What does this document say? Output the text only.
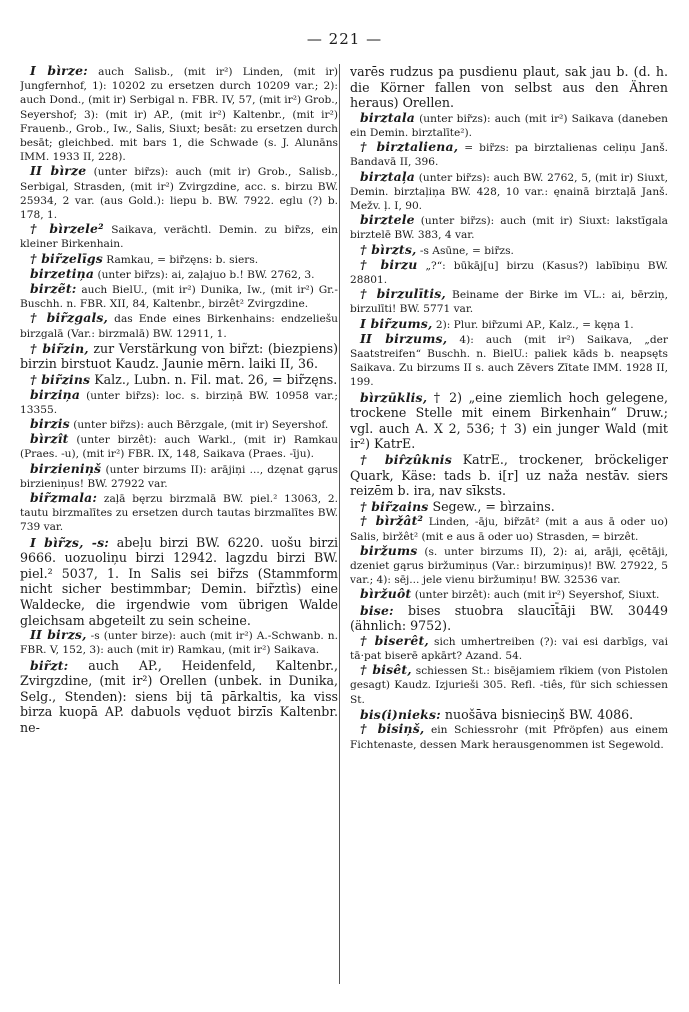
— 221 —

I bìrze: auch Salisb., (mit ir²) Linden, (mit ir) Jungfernhof, 1): 10202 zu ersetzen durch 10209 var.; 2): auch Dond., (mit ir) Serbigal n. FBR. IV, 57, (mit ir²) Grob., Seyershof; 3): (mit ir) AP., (mit ir²) Kaltenbr., (mit ir²) Frauenb., Grob., Iw., Salis, Siuxt; besāt: zu ersetzen durch besāt; gleichbed. mit bars 1, die Schwade (s. J. Alunāns IMM. 1933 II, 228).

II bìrze (unter bir̃zs): auch (mit ir) Grob., Salisb., Serbigal, Strasden, (mit ir²) Zvirgzdine, acc. s. birzu BW. 25934, 2 var. (aus Gold.): liepu b. BW. 7922. eglu (?) b. 178, 1.

† bìrzele² Saikava, verächtl. Demin. zu bir̃zs, ein kleiner Birkenhain.

† bir̃zelīgs Ramkau, = bir̃zęns: b. siers.

birzetiņa (unter bir̃zs): ai, zaļajuo b.! BW. 2762, 3.

birzẽt: auch BielU., (mit ir²) Dunika, Iw., (mit ir²) Gr.-Buschh. n. FBR. XII, 84, Kaltenbr., birzêt² Zvirgzdine.

† bir̃zgals, das Ende eines Birkenhains: endzeliešu birzgalā (Var.: birzmalā) BW. 12911, 1.

† bir̃zin, zur Verstärkung von bir̃zt: (biezpiens) birzin birstuot Kaudz. Jaunie mērn. laiki II, 36.

† bir̃zins Kalz., Lubn. n. Fil. mat. 26, = bir̃zęns.

birziņa (unter bir̃zs): loc. s. birziņā BW. 10958 var.; 13355.

birzis (unter bir̃zs): auch Bērzgale, (mit ir) Seyershof.

bìrzît (unter birzêt): auch Warkl., (mit ir) Ramkau (Praes. -u), (mit ir²) FBR. IX, 148, Saikava (Praes. -īju).

birzieniņš (unter birzums II): arājiņi ..., dzęnat gąrus birzieniņus! BW. 27922 var.

bir̃zmala: zaļā bęrzu birzmalā BW. piel.² 13063, 2. tautu birzmalītes zu ersetzen durch tautas birzmalītes BW. 739 var.

I bìr̃zs, -s: abeļu birzi BW. 6220. uošu birzi 9666. uozuoliņu birzi 12942. lagzdu birzi BW. piel.² 5037, 1. In Salis sei bir̃zs (Stammform nicht sicher bestimmbar; Demin. bir̃ztìs) eine Waldecke, die irgendwie vom übrigen Walde gleichsam abgeteilt zu sein scheine.

II birzs, -s (unter birze): auch (mit ir²) A.-Schwanb. n. FBR. V, 152, 3): auch (mit ir) Ramkau, (mit ir²) Saikava.

bir̃zt: auch AP., Heidenfeld, Kaltenbr., Zvirgzdine, (mit ir²) Orellen (unbek. in Dunika, Selg., Stenden): siens bij tā pārkaltis, ka viss birza kuopā AP. dabuols vęduot birzīs Kaltenbr. ne-

varēs rudzus pa pusdienu plaut, sak jau b. (d. h. die Körner fallen von selbst aus den Ähren heraus) Orellen.

birztala (unter bir̃zs): auch (mit ir²) Saikava (daneben ein Demin. birztalīte²).

† birztaliena, = bir̃zs: pa birztalienas celiņu Janš. Bandavā II, 396.

birztaļa (unter bir̃zs): auch BW. 2762, 5, (mit ir) Siuxt, Demin. birztaļiņa BW. 428, 10 var.: ęnainā birztaļā Janš. Mežv. ļ. I, 90.

birztele (unter bir̃zs): auch (mit ir) Siuxt: lakstīgala birztelē BW. 383, 4 var.

† bìrzts, -s Asūne, = bir̃zs.

† birzu „?“: būkāj[u] birzu (Kasus?) labībiņu BW. 28801.

† birzulītis, Beiname der Birke im VL.: ai, bērziņ, birzulīti! BW. 5771 var.

I bir̃zums, 2): Plur. bir̃zumi AP., Kalz., = kęņa 1.

II birzums, 4): auch (mit ir²) Saikava, „der Saatstreifen“ Buschh. n. BielU.: paliek kāds b. neapsęts Saikava. Zu birzums II s. auch Zēvers Zītate IMM. 1928 II, 199.

bìrzūklis, † 2) „eine ziemlich hoch gelegene, trockene Stelle mit einem Birkenhain“ Druw.; vgl. auch A. X 2, 536; † 3) ein junger Wald (mit ir²) KatrE.

† bir̂zûknis KatrE., trockener, bröckeliger Quark, Käse: tads b. i[r] uz naža nestāv. siers reizēm b. ira, nav sīksts.

† bir̃zains Segew., = bìrzains.

† bìržât² Linden, -āju, bir̃zāt² (mit a aus ā oder uo) Salis, biržêt² (mit e aus ā oder uo) Strasden, = birzêt.

biržums (s. unter birzums II), 2): ai, arāji, ęcētāji, dzeniet gąrus biržumiņus (Var.: birzumiņus)! BW. 27922, 5 var.; 4): sēj... jele vienu biržumiņu! BW. 32536 var.

bìržuôt (unter birzêt): auch (mit ir²) Seyershof, Siuxt.

bise: bises stuobra slaucīt̄āji BW. 30449 (ähnlich: 9752).

† biserêt, sich umhertreiben (?): vai esi darbīgs, vai tā·pat biserē apkārt? Azand. 54.

† bisêt, schiessen St.: bisējamiem rīkiem (von Pistolen gesagt) Kaudz. Izjurieši 305. Refl. -tiês, für sich schiessen St.

bis(i)nieks: nuošāva bisnieciņš BW. 4086.

† bisiņš, ein Schiessrohr (mit Pfröpfen) aus einem Fichtenaste, dessen Mark herausgenommen ist Segewold.
